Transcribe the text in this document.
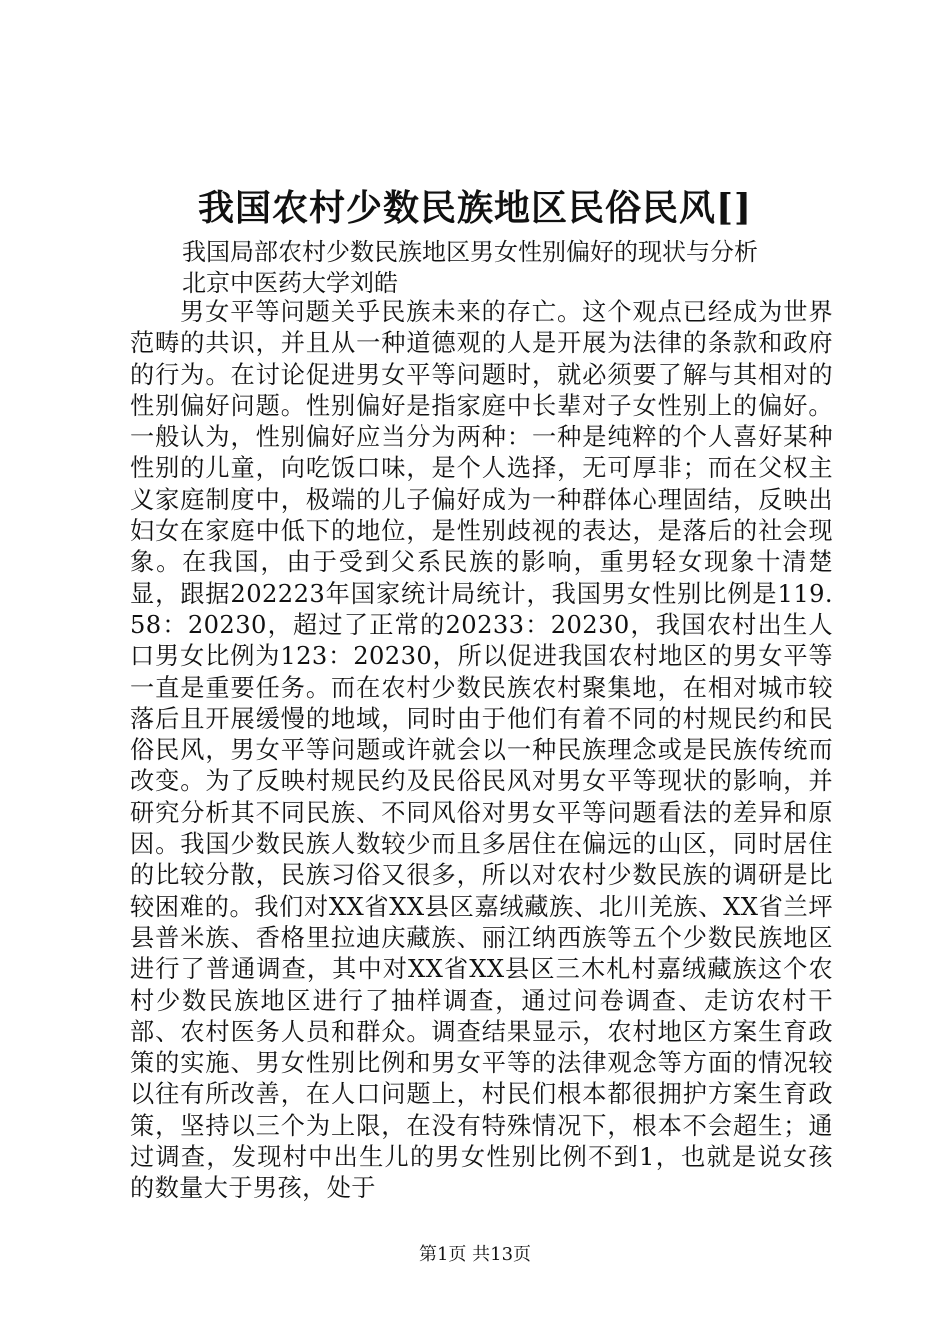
我国农村少数民族地区民俗民风[]

我国局部农村少数民族地区男女性别偏好的现状与分析

北京中医药大学刘皓

男女平等问题关乎民族未来的存亡。这个观点已经成为世界范畴的共识，并且从一种道德观的人是开展为法律的条款和政府的行为。在讨论促进男女平等问题时，就必须要了解与其相对的性别偏好问题。性别偏好是指家庭中长辈对子女性别上的偏好。一般认为，性别偏好应当分为两种：一种是纯粹的个人喜好某种性别的儿童，向吃饭口味，是个人选择，无可厚非；而在父权主义家庭制度中，极端的儿子偏好成为一种群体心理固结，反映出妇女在家庭中低下的地位，是性别歧视的表达，是落后的社会现象。在我国，由于受到父系民族的影响，重男轻女现象十清楚显，跟据202223年国家统计局统计，我国男女性别比例是119.58：20230，超过了正常的20233：20230，我国农村出生人口男女比例为123：20230，所以促进我国农村地区的男女平等一直是重要任务。而在农村少数民族农村聚集地，在相对城市较落后且开展缓慢的地域，同时由于他们有着不同的村规民约和民俗民风，男女平等问题或许就会以一种民族理念或是民族传统而改变。为了反映村规民约及民俗民风对男女平等现状的影响，并研究分析其不同民族、不同风俗对男女平等问题看法的差异和原因。我国少数民族人数较少而且多居住在偏远的山区，同时居住的比较分散，民族习俗又很多，所以对农村少数民族的调研是比较困难的。我们对XX省XX县区嘉绒藏族、北川羌族、XX省兰坪县普米族、香格里拉迪庆藏族、丽江纳西族等五个少数民族地区进行了普通调查，其中对XX省XX县区三木札村嘉绒藏族这个农村少数民族地区进行了抽样调查，通过问卷调查、走访农村干部、农村医务人员和群众。调查结果显示，农村地区方案生育政策的实施、男女性别比例和男女平等的法律观念等方面的情况较以往有所改善，在人口问题上，村民们根本都很拥护方案生育政策，坚持以三个为上限，在没有特殊情况下，根本不会超生；通过调查，发现村中出生儿的男女性别比例不到1，也就是说女孩的数量大于男孩，处于

第1页 共13页
